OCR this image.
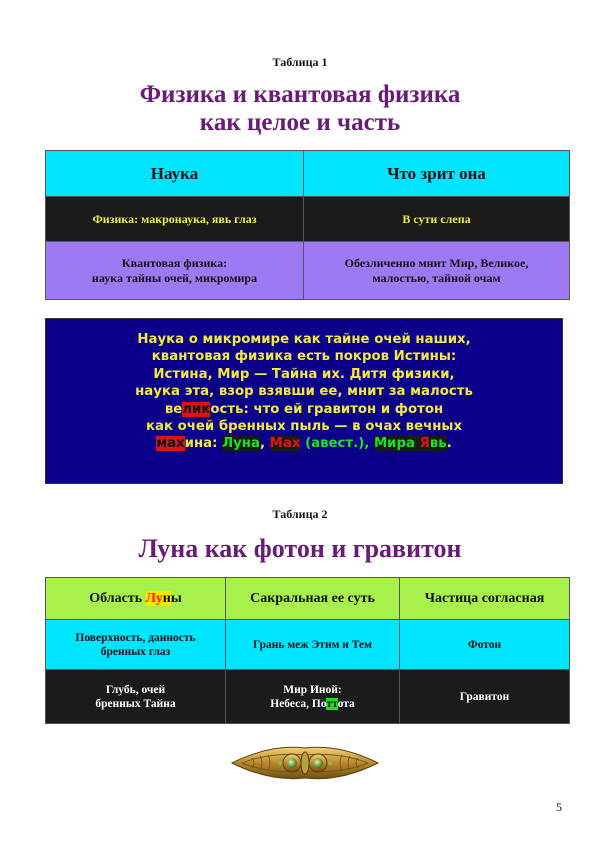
Таблица 1
Физика и квантовая физика
как целое и часть
Наука	Что зрит она
Физика: макронаука, явь глаз	В сути слепа
Квантовая физика:
наука тайны очей, микромира	Обезличенно мнит Мир, Великое,
малостью, тайной очам
Наука о микромире как тайне очей наших,
квантовая физика есть покров Истины:
Истина, Мир — Тайна их. Дитя физики,
наука эта, взор взявши ее, мнит за малость
великость: что ей гравитон и фотон
как очей бренных пыль — в очах вечных
махина: Луна, Мах (авест.), Мира Явь.
Таблица 2
Луна как фотон и гравитон
Область Луны	Сакральная ее суть	Частица согласная
Поверхность, данность
бренных глаз	Грань меж Этим и Тем	Фотон
Глубь, очей
бренных Тайна	Мир Иной:
Небеса, Поттота	Гравитон
5
